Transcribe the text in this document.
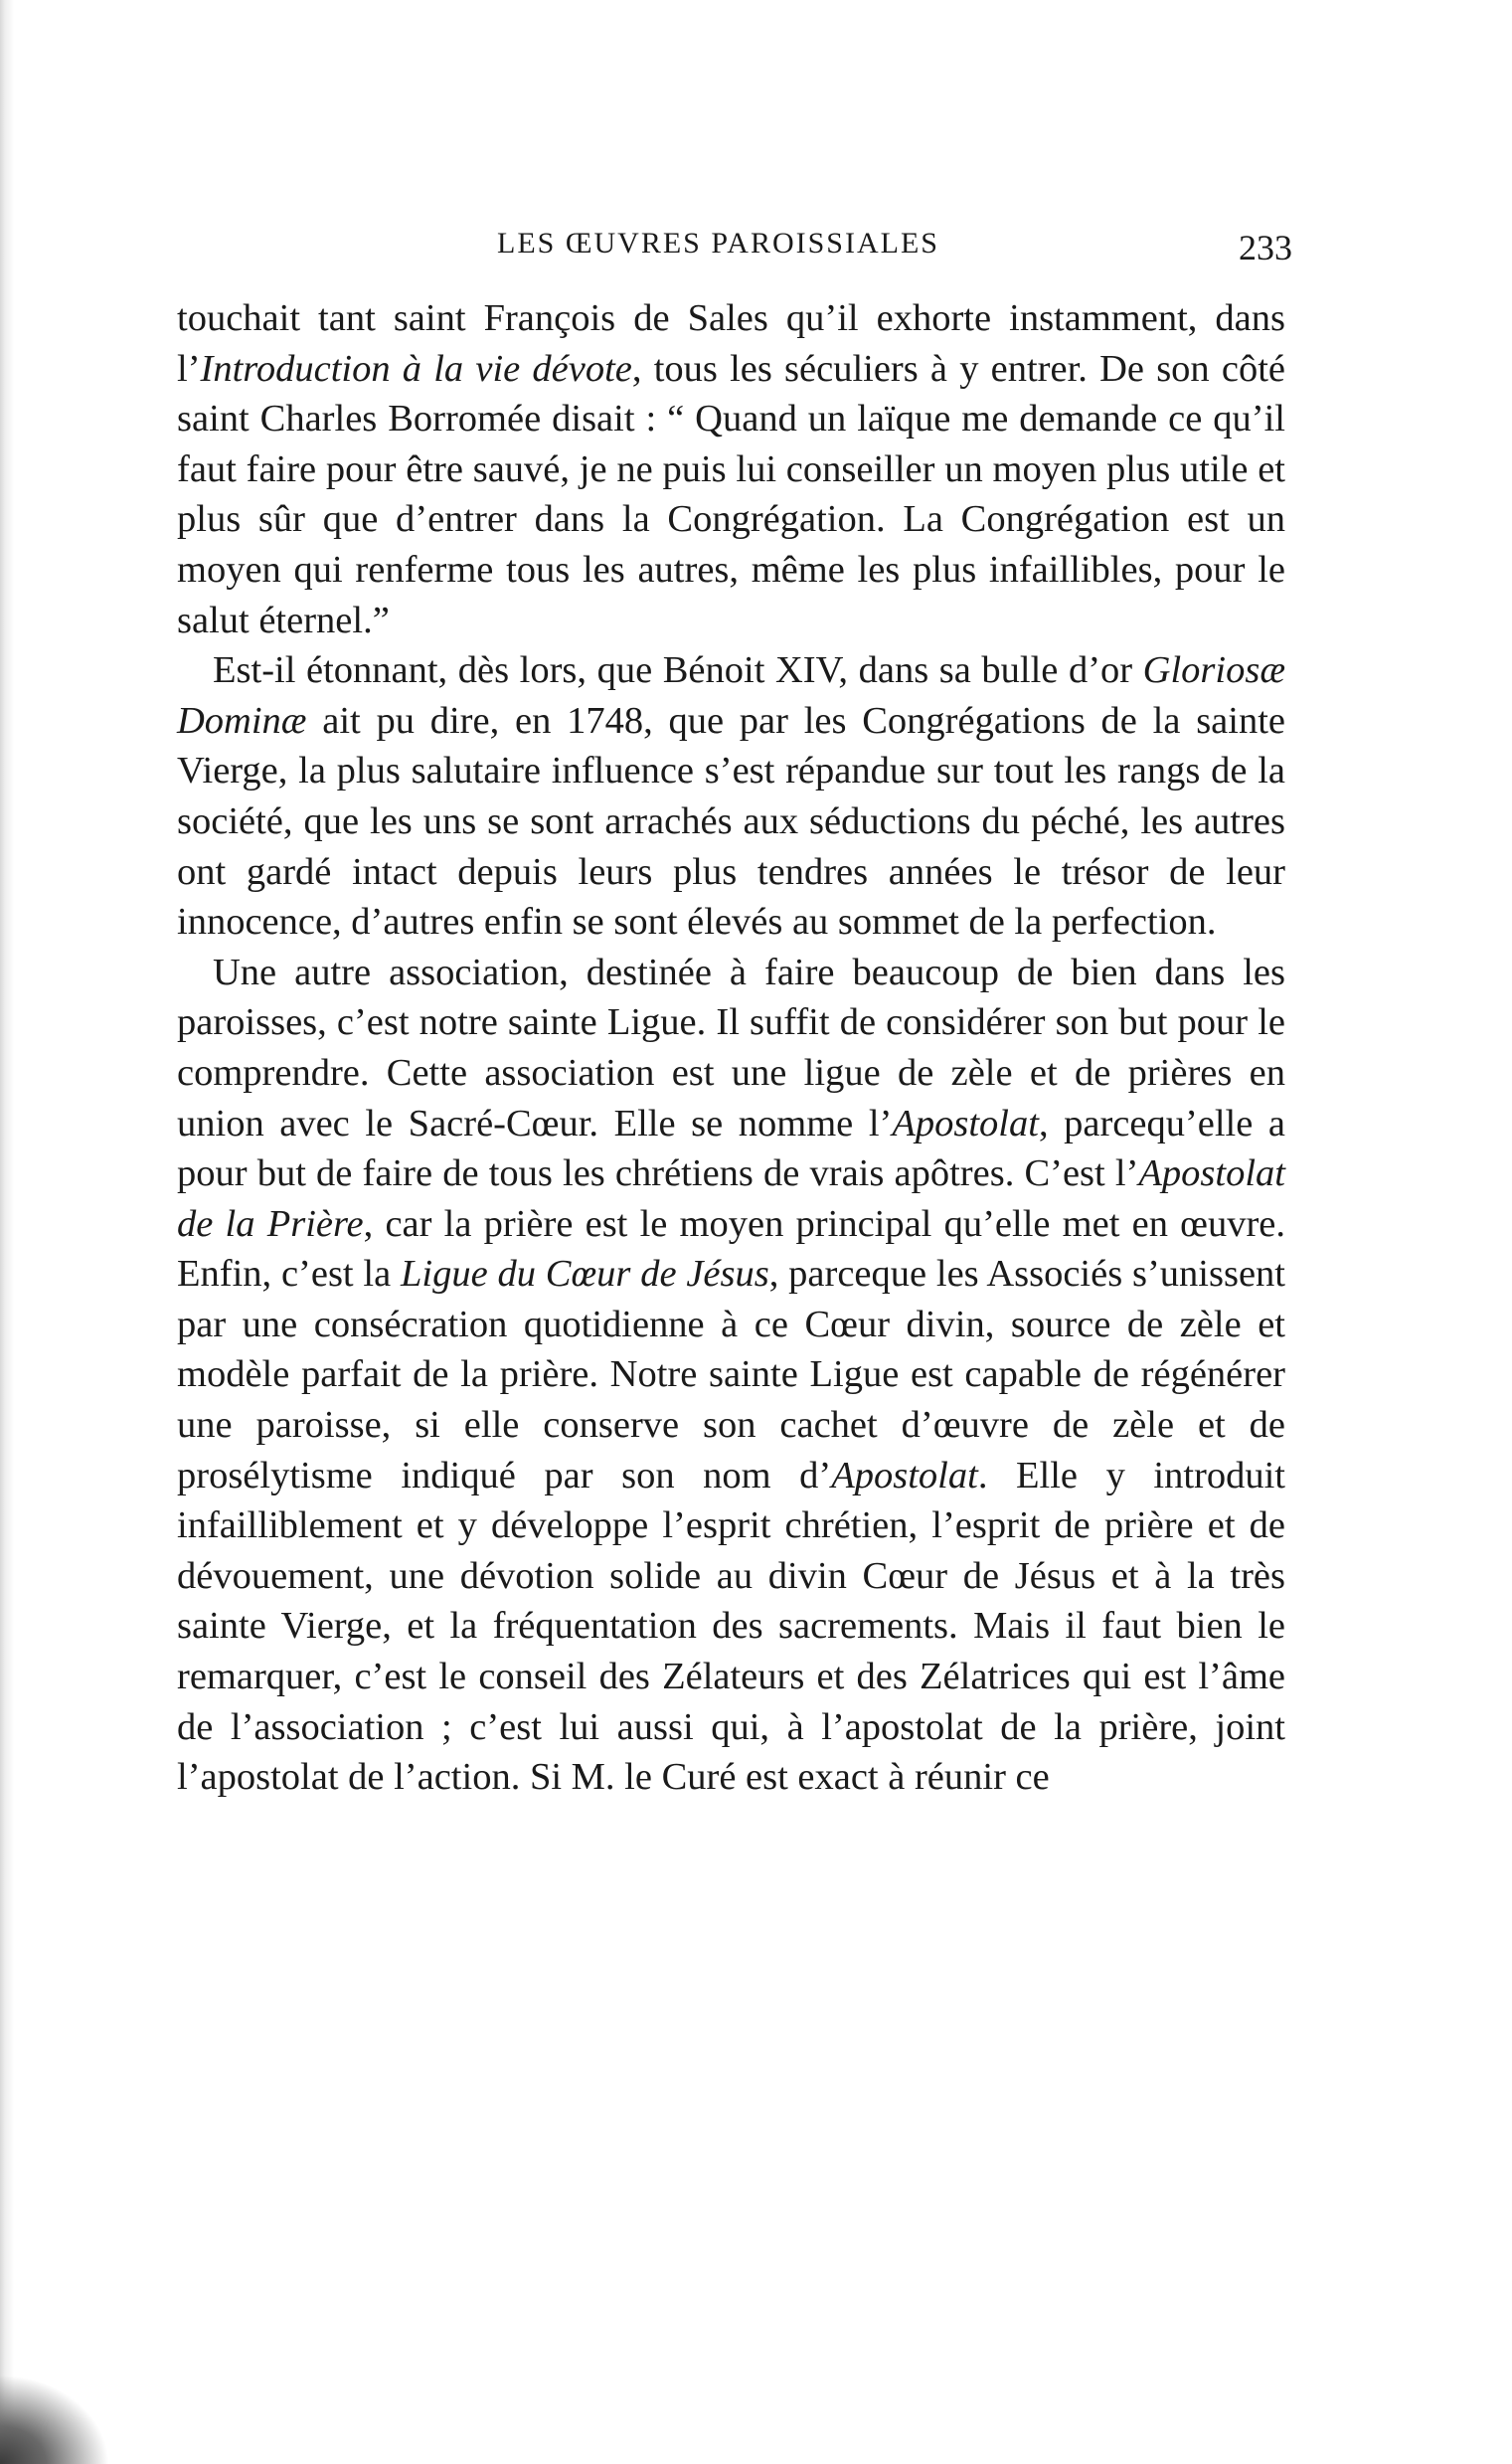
LES ŒUVRES PAROISSIALES	233

touchait tant saint François de Sales qu’il exhorte instamment, dans l’Introduction à la vie dévote, tous les séculiers à y entrer. De son côté saint Charles Borromée disait : “ Quand un laïque me demande ce qu’il faut faire pour être sauvé, je ne puis lui conseiller un moyen plus utile et plus sûr que d’entrer dans la Congrégation. La Congrégation est un moyen qui renferme tous les autres, même les plus infaillibles, pour le salut éternel.”

Est-il étonnant, dès lors, que Bénoit XIV, dans sa bulle d’or Gloriosæ Dominæ ait pu dire, en 1748, que par les Congrégations de la sainte Vierge, la plus salutaire influence s’est répandue sur tout les rangs de la société, que les uns se sont arrachés aux séductions du péché, les autres ont gardé intact depuis leurs plus tendres années le trésor de leur innocence, d’autres enfin se sont élevés au sommet de la perfection.

Une autre association, destinée à faire beaucoup de bien dans les paroisses, c’est notre sainte Ligue. Il suffit de considérer son but pour le comprendre. Cette association est une ligue de zèle et de prières en union avec le Sacré-Cœur. Elle se nomme l’Apostolat, parcequ’elle a pour but de faire de tous les chrétiens de vrais apôtres. C’est l’Apostolat de la Prière, car la prière est le moyen principal qu’elle met en œuvre. Enfin, c’est la Ligue du Cœur de Jésus, parceque les Associés s’unissent par une consécration quotidienne à ce Cœur divin, source de zèle et modèle parfait de la prière. Notre sainte Ligue est capable de régénérer une paroisse, si elle conserve son cachet d’œuvre de zèle et de prosélytisme indiqué par son nom d’Apostolat. Elle y introduit infailliblement et y développe l’esprit chrétien, l’esprit de prière et de dévouement, une dévotion solide au divin Cœur de Jésus et à la très sainte Vierge, et la fréquentation des sacrements. Mais il faut bien le remarquer, c’est le conseil des Zélateurs et des Zélatrices qui est l’âme de l’association ; c’est lui aussi qui, à l’apostolat de la prière, joint l’apostolat de l’action. Si M. le Curé est exact à réunir ce
